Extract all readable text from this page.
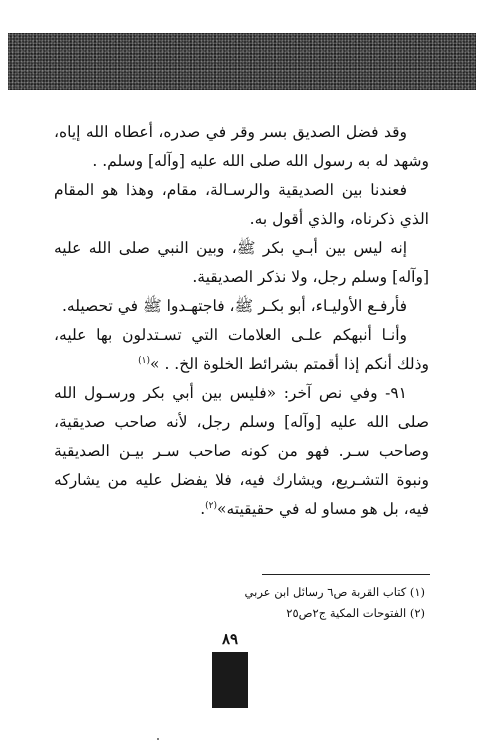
وقد فضل الصديق بسر وقر في صدره، أعطاه الله إياه، وشهد له به رسول الله صلى الله عليه [وآله] وسلم. .

فعندنا بين الصديقية والرسـالة، مقام، وهذا هو المقام الذي ذكرناه، والذي أقول به.

إنه ليس بين أبـي بكر ﷺ، وبين النبي صلى الله عليه [وآله] وسلم رجل، ولا نذكر الصديقية.

فأرفـع الأوليـاء، أبو بكـر ﷺ، فاجتهـدوا ﷺ في تحصيله.

وأنـا أنبهكم علـى العلامات التي تسـتدلون بها عليه، وذلك أنكم إذا أقمتم بشرائط الخلوة الخ. . »$^{(١)}$

٩١- وفي نص آخر: «فليس بين أبي بكر ورسـول الله صلى الله عليه [وآله] وسلم رجل، لأنه صاحب صديقية، وصاحب سـر. فهو من كونه صاحب سـر بيـن الصديقية ونبوة التشـريع، ويشارك فيه، فلا يفضل عليه من يشاركه فيه، بل هو مساو له في حقيقيته»$^{(٢)}$.

(١) كتاب القربة ص٦ رسائل ابن عربي
(٢) الفتوحات المكية ج٢ص٢٥
٨٩
